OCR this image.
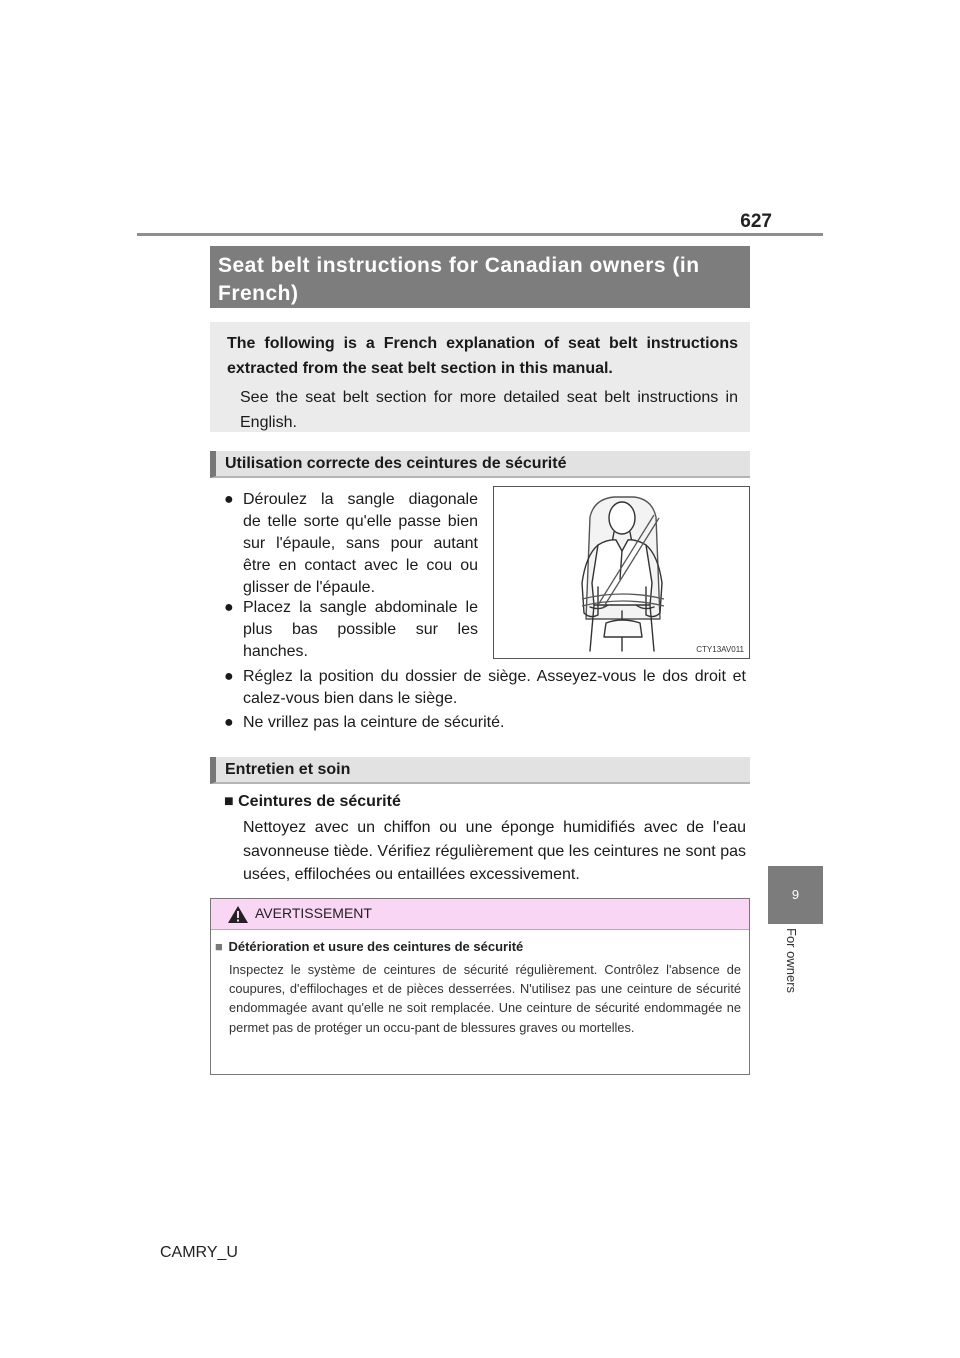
627
9
For owners
Seat belt instructions for Canadian owners (in French)
The following is a French explanation of seat belt instructions extracted from the seat belt section in this manual.
See the seat belt section for more detailed seat belt instructions in English.
Utilisation correcte des ceintures de sécurité
● Déroulez la sangle diagonale
de telle sorte qu'elle passe bien
sur l'épaule, sans pour autant
être en contact avec le cou ou
glisser de l'épaule.
● Placez la sangle abdominale le
plus bas possible sur les
hanches.
● Réglez la position du dossier de siège. Asseyez-vous le dos droit et calez-vous bien dans le siège.
● Ne vrillez pas la ceinture de sécurité.
CTY13AV011
Entretien et soin
■ Ceintures de sécurité
Nettoyez avec un chiffon ou une éponge humidifiés avec de l'eau savonneuse tiède. Vérifiez régulièrement que les ceintures ne sont pas usées, effilochées ou entaillées excessivement.
AVERTISSEMENT
■ Détérioration et usure des ceintures de sécurité
Inspectez le système de ceintures de sécurité régulièrement. Contrôlez l'absence de coupures, d'effilochages et de pièces desserrées. N'utilisez pas une ceinture de sécurité endommagée avant qu'elle ne soit remplacée. Une ceinture de sécurité endommagée ne permet pas de protéger un occu-pant de blessures graves ou mortelles.
CAMRY_U
